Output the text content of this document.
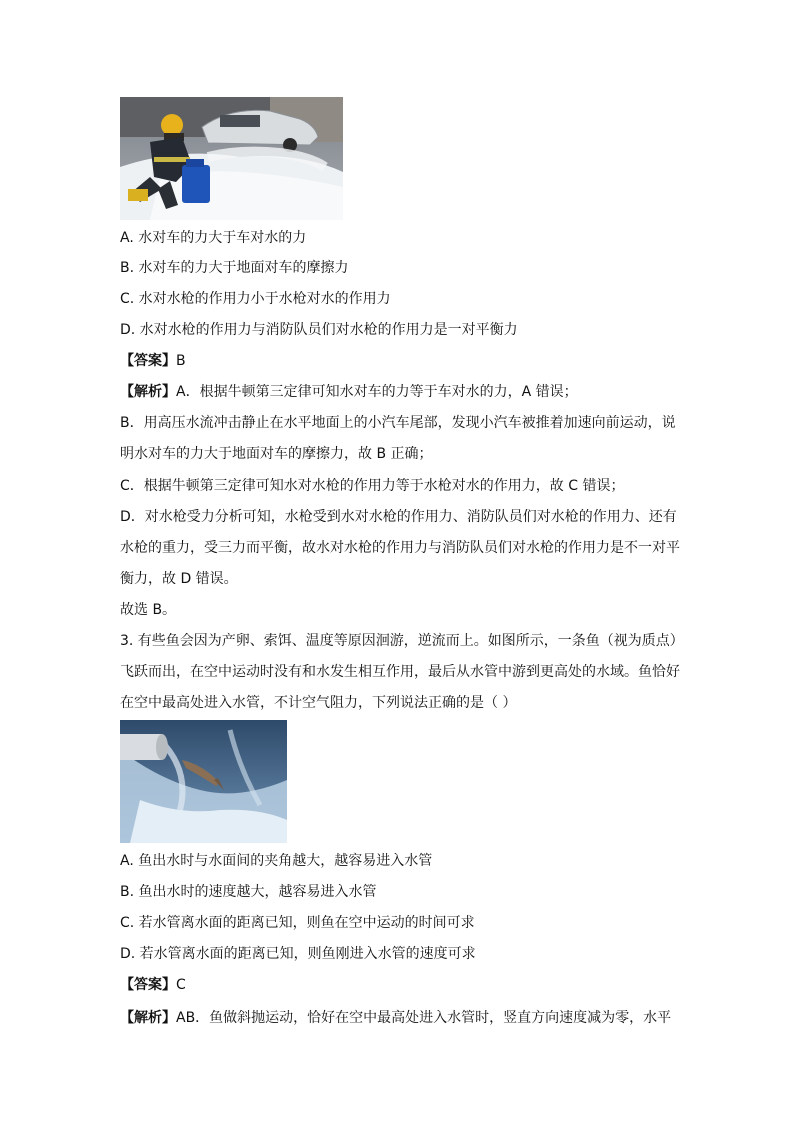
A. 水对车的力大于车对水的力
B. 水对车的力大于地面对车的摩擦力
C. 水对水枪的作用力小于水枪对水的作用力
D. 水对水枪的作用力与消防队员们对水枪的作用力是一对平衡力
【答案】B
【解析】A．根据牛顿第三定律可知水对车的力等于车对水的力，A 错误；
B．用高压水流冲击静止在水平地面上的小汽车尾部，发现小汽车被推着加速向前运动，说
明水对车的力大于地面对车的摩擦力，故 B 正确；
C．根据牛顿第三定律可知水对水枪的作用力等于水枪对水的作用力，故 C 错误；
D．对水枪受力分析可知，水枪受到水对水枪的作用力、消防队员们对水枪的作用力、还有
水枪的重力，受三力而平衡，故水对水枪的作用力与消防队员们对水枪的作用力是不一对平
衡力，故 D 错误。
故选 B。
3. 有些鱼会因为产卵、索饵、温度等原因洄游，逆流而上。如图所示，一条鱼（视为质点）
飞跃而出，在空中运动时没有和水发生相互作用，最后从水管中游到更高处的水域。鱼恰好
在空中最高处进入水管，不计空气阻力，下列说法正确的是（ ）
A. 鱼出水时与水面间的夹角越大，越容易进入水管
B. 鱼出水时的速度越大，越容易进入水管
C. 若水管离水面的距离已知，则鱼在空中运动的时间可求
D. 若水管离水面的距离已知，则鱼刚进入水管的速度可求
【答案】C
【解析】AB．鱼做斜抛运动，恰好在空中最高处进入水管时，竖直方向速度减为零，水平
